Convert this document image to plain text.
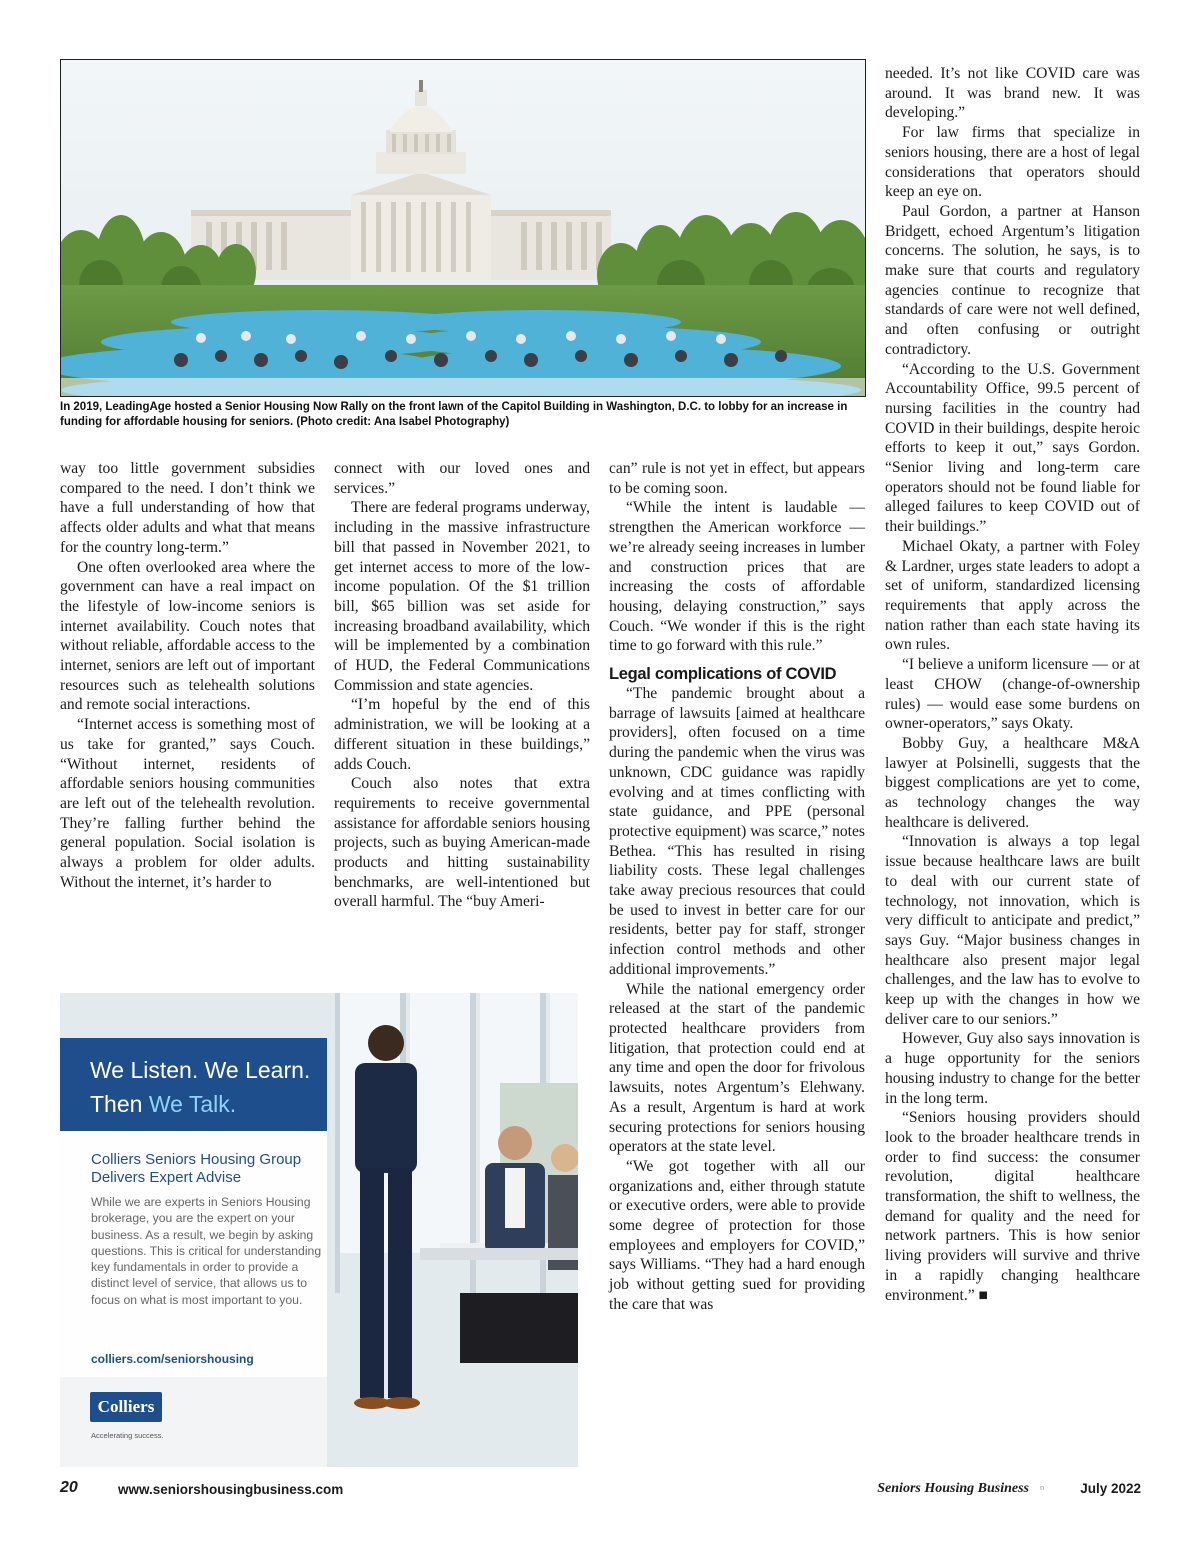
In 2019, LeadingAge hosted a Senior Housing Now Rally on the front lawn of the Capitol Building in Washington, D.C. to lobby for an increase in funding for affordable housing for seniors. (Photo credit: Ana Isabel Photography)

way too little government subsidies compared to the need. I don’t think we have a full understanding of how that affects older adults and what that means for the country long-term.”

One often overlooked area where the government can have a real impact on the lifestyle of low-income seniors is internet availability. Couch notes that without reliable, affordable access to the internet, seniors are left out of important resources such as telehealth solutions and remote social interactions.

“Internet access is something most of us take for granted,” says Couch. “Without internet, residents of affordable seniors housing communities are left out of the telehealth revolution. They’re falling further behind the general population. Social isolation is always a problem for older adults. Without the internet, it’s harder to

connect with our loved ones and services.”

There are federal programs underway, including in the massive infrastructure bill that passed in November 2021, to get internet access to more of the low-income population. Of the $1 trillion bill, $65 billion was set aside for increasing broadband availability, which will be implemented by a combination of HUD, the Federal Communications Commission and state agencies.

“I’m hopeful by the end of this administration, we will be looking at a different situation in these buildings,” adds Couch.

Couch also notes that extra requirements to receive governmental assistance for affordable seniors housing projects, such as buying American-made products and hitting sustainability benchmarks, are well-intentioned but overall harmful. The “buy Ameri-

can” rule is not yet in effect, but appears to be coming soon.

“While the intent is laudable — strengthen the American workforce — we’re already seeing increases in lumber and construction prices that are increasing the costs of affordable housing, delaying construction,” says Couch. “We wonder if this is the right time to go forward with this rule.”

Legal complications of COVID

“The pandemic brought about a barrage of lawsuits [aimed at healthcare providers], often focused on a time during the pandemic when the virus was unknown, CDC guidance was rapidly evolving and at times conflicting with state guidance, and PPE (personal protective equipment) was scarce,” notes Bethea. “This has resulted in rising liability costs. These legal challenges take away precious resources that could be used to invest in better care for our residents, better pay for staff, stronger infection control methods and other additional improvements.”

While the national emergency order released at the start of the pandemic protected healthcare providers from litigation, that protection could end at any time and open the door for frivolous lawsuits, notes Argentum’s Elehwany. As a result, Argentum is hard at work securing protections for seniors housing operators at the state level.

“We got together with all our organizations and, either through statute or executive orders, were able to provide some degree of protection for those employees and employers for COVID,” says Williams. “They had a hard enough job without getting sued for providing the care that was

needed. It’s not like COVID care was around. It was brand new. It was developing.”

For law firms that specialize in seniors housing, there are a host of legal considerations that operators should keep an eye on.

Paul Gordon, a partner at Hanson Bridgett, echoed Argentum’s litigation concerns. The solution, he says, is to make sure that courts and regulatory agencies continue to recognize that standards of care were not well defined, and often confusing or outright contradictory.

“According to the U.S. Government Accountability Office, 99.5 percent of nursing facilities in the country had COVID in their buildings, despite heroic efforts to keep it out,” says Gordon. “Senior living and long-term care operators should not be found liable for alleged failures to keep COVID out of their buildings.”

Michael Okaty, a partner with Foley & Lardner, urges state leaders to adopt a set of uniform, standardized licensing requirements that apply across the nation rather than each state having its own rules.

“I believe a uniform licensure — or at least CHOW (change-of-ownership rules) — would ease some burdens on owner-operators,” says Okaty.

Bobby Guy, a healthcare M&A lawyer at Polsinelli, suggests that the biggest complications are yet to come, as technology changes the way healthcare is delivered.

“Innovation is always a top legal issue because healthcare laws are built to deal with our current state of technology, not innovation, which is very difficult to anticipate and predict,” says Guy. “Major business changes in healthcare also present major legal challenges, and the law has to evolve to keep up with the changes in how we deliver care to our seniors.”

However, Guy also says innovation is a huge opportunity for the seniors housing industry to change for the better in the long term.

“Seniors housing providers should look to the broader healthcare trends in order to find success: the consumer revolution, digital healthcare transformation, the shift to wellness, the demand for quality and the need for network partners. This is how senior living providers will survive and thrive in a rapidly changing healthcare environment.” ■

We Listen. We Learn.
Then We Talk.
Colliers Seniors Housing Group Delivers Expert Advise
While we are experts in Seniors Housing brokerage, you are the expert on your business. As a result, we begin by asking questions. This is critical for understanding key fundamentals in order to provide a distinct level of service, that allows us to focus on what is most important to you.
colliers.com/seniorshousing
Colliers
Accelerating success.
20	www.seniorshousingbusiness.com	Seniors Housing Business n	July 2022
